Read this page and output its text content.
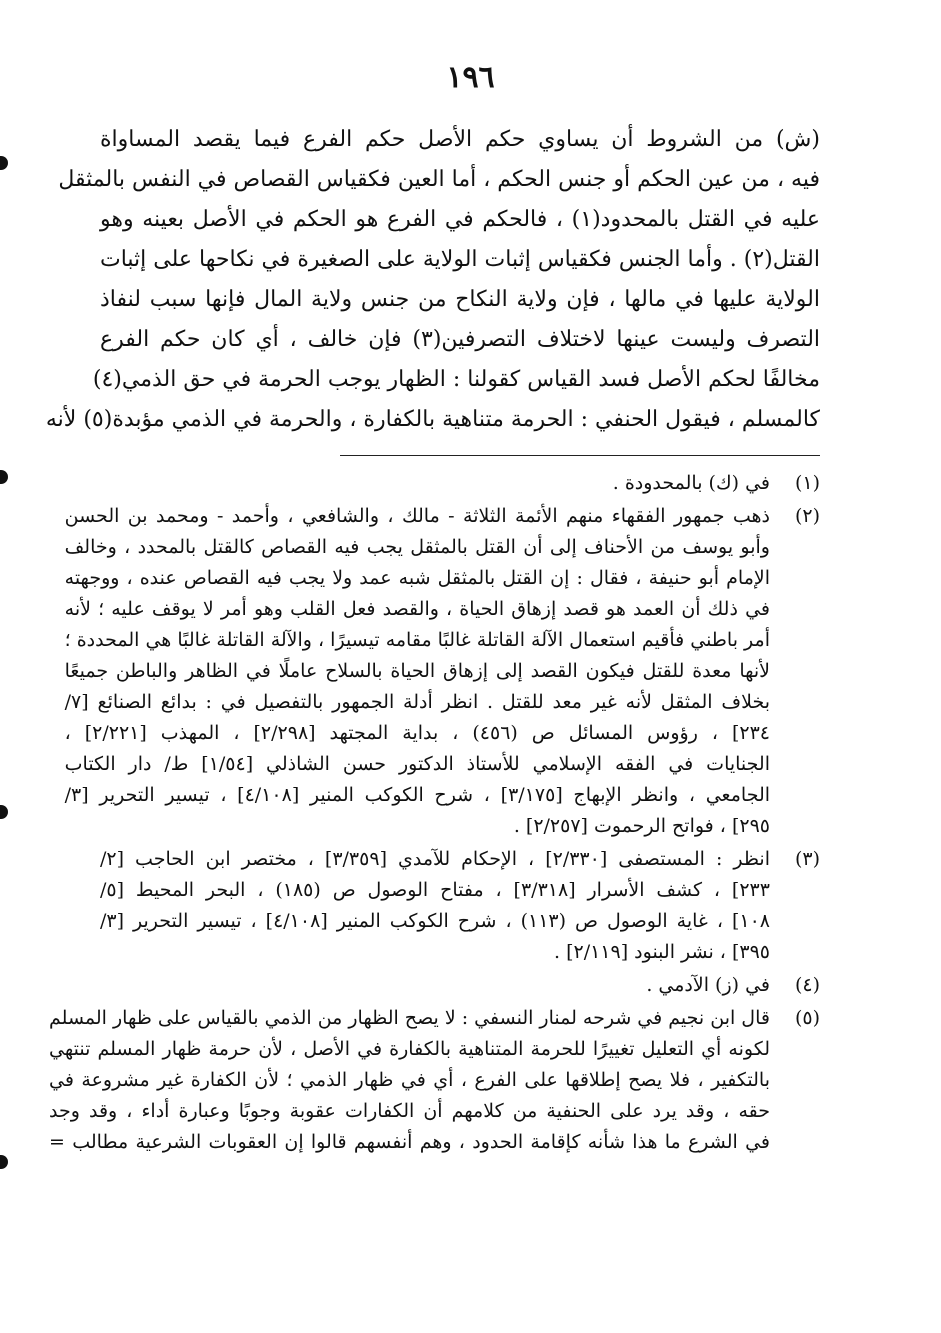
١٩٦
(ش) من الشروط أن يساوي حكم الأصل حكم الفرع فيما يقصد المساواة
فيه ، من عين الحكم أو جنس الحكم ، أما العين فكقياس القصاص في النفس بالمثقل
عليه في القتل بالمحدود(١) ، فالحكم في الفرع هو الحكم في الأصل بعينه وهو
القتل(٢) . وأما الجنس فكقياس إثبات الولاية على الصغيرة في نكاحها على إثبات
الولاية عليها في مالها ، فإن ولاية النكاح من جنس ولاية المال فإنها سبب لنفاذ
التصرف وليست عينها لاختلاف التصرفين(٣) فإن خالف ، أي كان حكم الفرع
مخالفًا لحكم الأصل فسد القياس كقولنا : الظهار يوجب الحرمة في حق الذمي(٤)
كالمسلم ، فيقول الحنفي : الحرمة متناهية بالكفارة ، والحرمة في الذمي مؤبدة(٥) لأنه
(١)
في (ك) بالمحدودة .
(٢)
ذهب جمهور الفقهاء منهم الأئمة الثلاثة - مالك ، والشافعي ، وأحمد - ومحمد بن الحسن
وأبو يوسف من الأحناف إلى أن القتل بالمثقل يجب فيه القصاص كالقتل بالمحدد ، وخالف
الإمام أبو حنيفة ، فقال : إن القتل بالمثقل شبه عمد ولا يجب فيه القصاص عنده ، ووجهته
في ذلك أن العمد هو قصد إزهاق الحياة ، والقصد فعل القلب وهو أمر لا يوقف عليه ؛ لأنه
أمر باطني فأقيم استعمال الآلة القاتلة غالبًا مقامه تيسيرًا ، والآلة القاتلة غالبًا هي المحددة ؛
لأنها معدة للقتل فيكون القصد إلى إزهاق الحياة بالسلاح عاملًا في الظاهر والباطن جميعًا
بخلاف المثقل لأنه غير معد للقتل . انظر أدلة الجمهور بالتفصيل في : بدائع الصنائع [٧/
٢٣٤] ، رؤوس المسائل ص (٤٥٦) ، بداية المجتهد [٢/٢٩٨] ، المهذب [٢/٢٢١] ،
الجنايات في الفقه الإسلامي للأستاذ الدكتور حسن الشاذلي [١/٥٤] ط/ دار الكتاب
الجامعي ، وانظر الإبهاج [٣/١٧٥] ، شرح الكوكب المنير [٤/١٠٨] ، تيسير التحرير [٣/
٢٩٥] ، فواتح الرحموت [٢/٢٥٧] .
(٣)
انظر : المستصفى [٢/٣٣٠] ، الإحكام للآمدي [٣/٣٥٩] ، مختصر ابن الحاجب [٢/
٢٣٣] ، كشف الأسرار [٣/٣١٨] ، مفتاح الوصول ص (١٨٥) ، البحر المحيط [٥/
١٠٨] ، غاية الوصول ص (١١٣) ، شرح الكوكب المنير [٤/١٠٨] ، تيسير التحرير [٣/
٣٩٥] ، نشر البنود [٢/١١٩] .
(٤)
في (ز) الآدمي .
(٥)
قال ابن نجيم في شرحه لمنار النسفي : لا يصح الظهار من الذمي بالقياس على ظهار المسلم
لكونه أي التعليل تغييرًا للحرمة المتناهية بالكفارة في الأصل ، لأن حرمة ظهار المسلم تنتهي
بالتكفير ، فلا يصح إطلاقها على الفرع ، أي في ظهار الذمي ؛ لأن الكفارة غير مشروعة في
حقه ، وقد يرد على الحنفية من كلامهم أن الكفارات عقوبة وجوبًا وعبارة أداء ، وقد وجد
في الشرع ما هذا شأنه كإقامة الحدود ، وهم أنفسهم قالوا إن العقوبات الشرعية مطالب =
